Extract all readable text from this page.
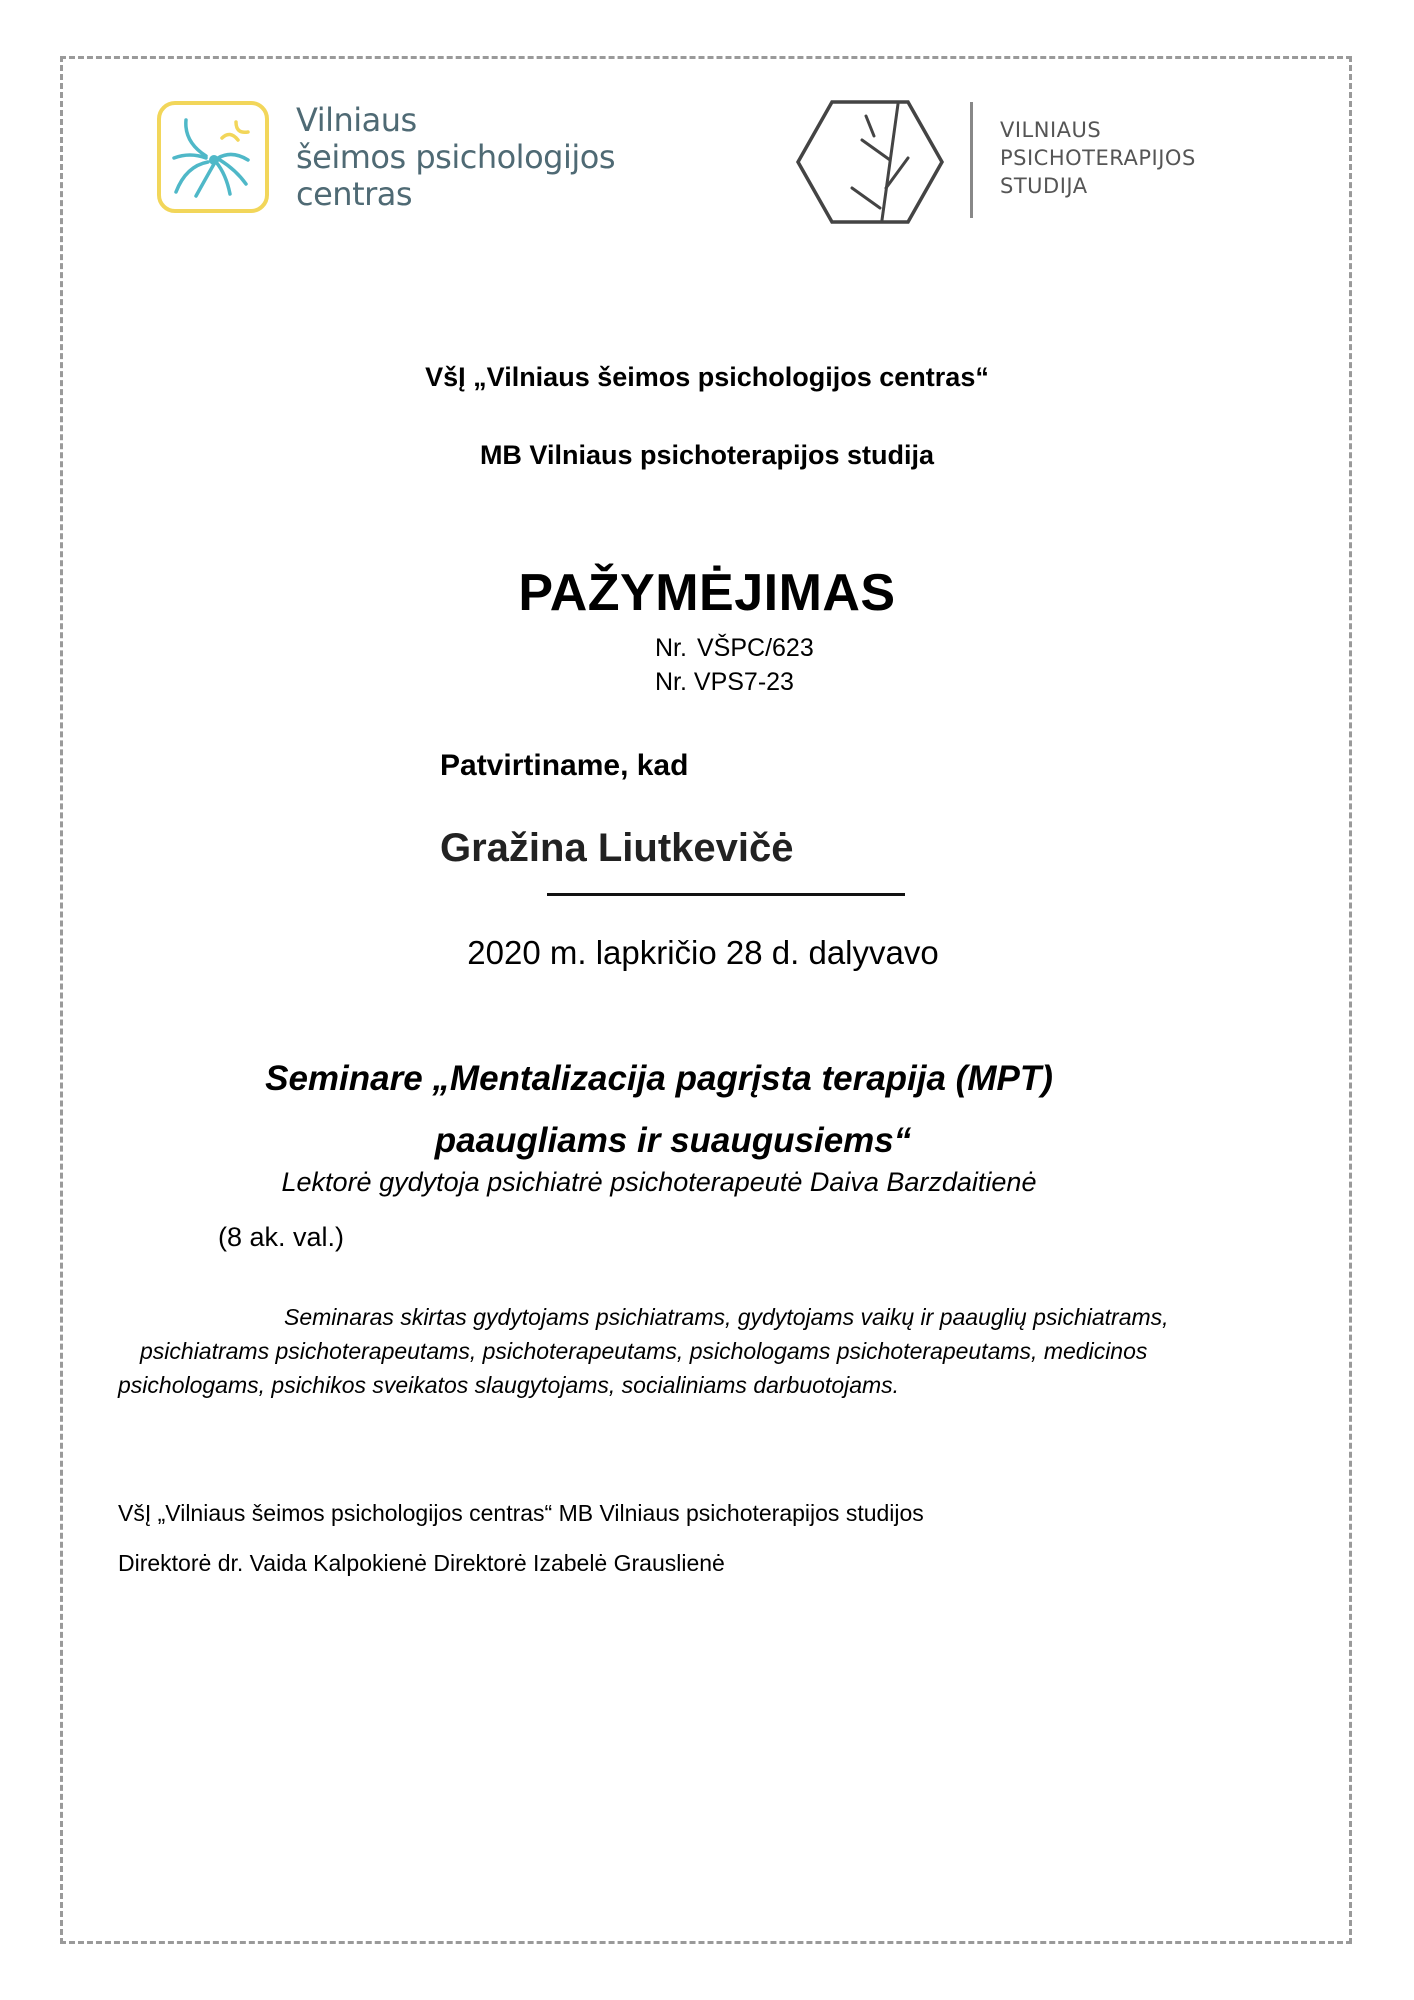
Vilniaus
šeimos psichologijos
centras
VILNIAUS
PSICHOTERAPIJOS
STUDIJA
VšĮ „Vilniaus šeimos psichologijos centras“
MB Vilniaus psichoterapijos studija
PAŽYMĖJIMAS
Nr. VŠPC/623
Nr. VPS7-23
Patvirtiname, kad
Gražina Liutkevičė
2020 m. lapkričio 28 d. dalyvavo
Seminare „Mentalizacija pagrįsta terapija (MPT)
paaugliams ir suaugusiems“
Lektorė gydytoja psichiatrė psichoterapeutė Daiva Barzdaitienė
(8 ak. val.)
Seminaras skirtas gydytojams psichiatrams, gydytojams vaikų ir paauglių psichiatrams,
psichiatrams psichoterapeutams, psichoterapeutams, psichologams psichoterapeutams, medicinos
psichologams, psichikos sveikatos slaugytojams, socialiniams darbuotojams.
VšĮ „Vilniaus šeimos psichologijos centras“ MB Vilniaus psichoterapijos studijos
Direktorė dr. Vaida Kalpokienė Direktorė Izabelė Grauslienė
